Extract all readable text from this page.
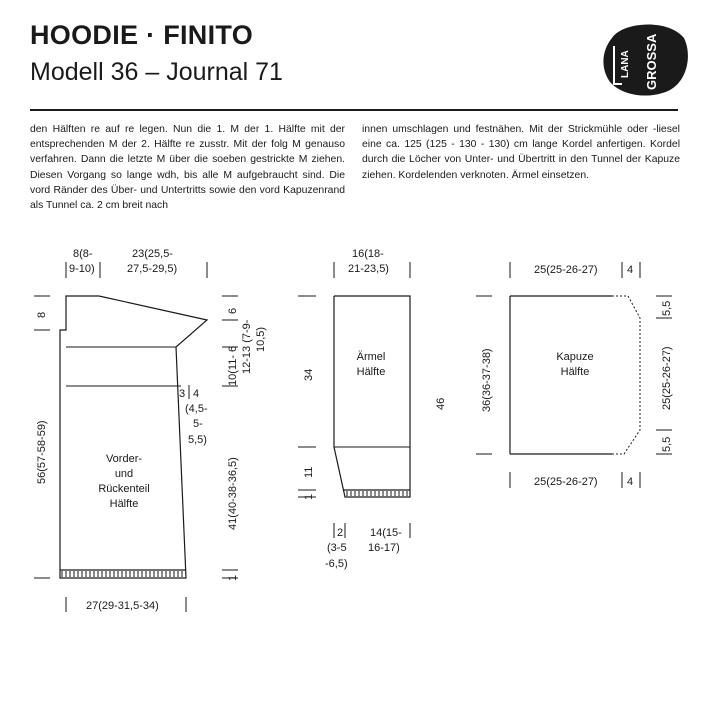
HOODIE · FINITO
Modell 36 – Journal 71	LANA GROSSA
den Hälften re auf re legen. Nun die 1. M der 1. Hälfte mit der entsprechenden M der 2. Hälfte re zusstr. Mit der folg M genauso verfahren. Dann die letzte M über die soeben gestrickte M ziehen. Diesen Vorgang so lange wdh, bis alle M aufgebraucht sind. Die vord Ränder des Über- und Untertritts sowie den vord Kapuzenrand als Tunnel ca. 2 cm breit nach
innen umschlagen und festnähen. Mit der Strickmühle oder -liesel eine ca. 125 (125 - 130 - 130) cm lange Kordel anfertigen. Kordel durch die Löcher von Unter- und Übertritt in den Tunnel der Kapuze ziehen. Kordelenden verknoten. Ärmel einsetzen.
8(8-
9-10)
23(25,5-
27,5-29,5)
8
56(57-58-59)
6
12-13 (7-9- 10,5)
10(11- 6
41(40-38-36,5)
1
3 4
(4,5-
5-
5,5)
Vorder-
und
Rückenteil
Hälfte
27(29-31,5-34)
16(18-
21-23,5)
34
11
1
46
Ärmel
Hälfte
2
(3-5
-6,5)
14(15-
16-17)
25(25-26-27)	4
36(36-37-38)
5,5
25(25-26-27)
5,5
Kapuze
Hälfte
25(25-26-27)	4
